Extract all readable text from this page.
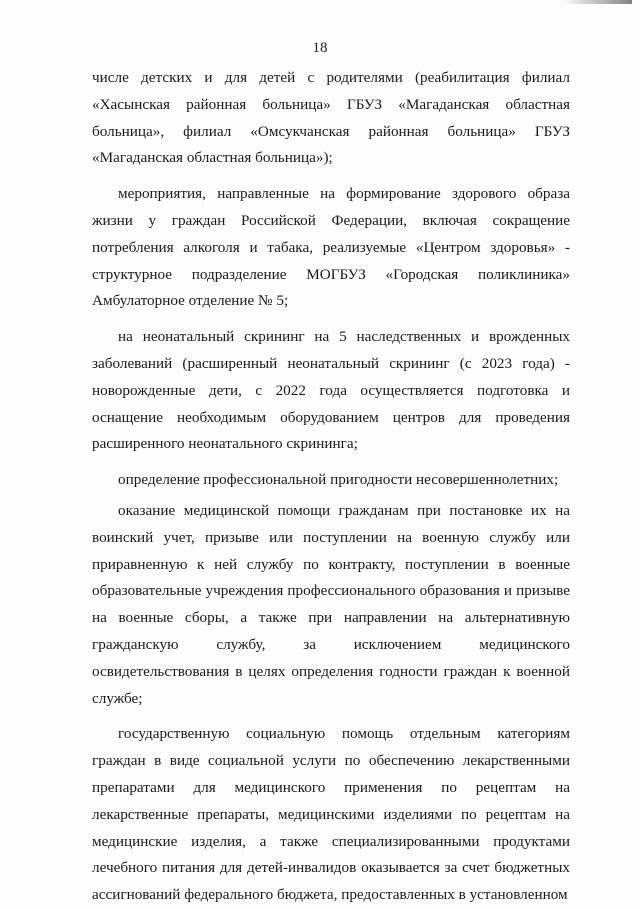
18

числе детских и для детей с родителями (реабилитация филиал «Хасынская районная больница» ГБУЗ «Магаданская областная больница», филиал «Омсукчанская районная больница» ГБУЗ «Магаданская областная больница»);

мероприятия, направленные на формирование здорового образа жизни у граждан Российской Федерации, включая сокращение потребления алкоголя и табака, реализуемые «Центром здоровья» - структурное подразделение МОГБУЗ «Городская поликлиника» Амбулаторное отделение № 5;

на неонатальный скрининг на 5 наследственных и врожденных заболеваний (расширенный неонатальный скрининг (с 2023 года) - новорожденные дети, с 2022 года осуществляется подготовка и оснащение необходимым оборудованием центров для проведения расширенного неонатального скрининга;

определение профессиональной пригодности несовершеннолетних;

оказание медицинской помощи гражданам при постановке их на воинский учет, призыве или поступлении на военную службу или приравненную к ней службу по контракту, поступлении в военные образовательные учреждения профессионального образования и призыве на военные сборы, а также при направлении на альтернативную гражданскую службу, за исключением медицинского освидетельствования в целях определения годности граждан к военной службе;

государственную социальную помощь отдельным категориям граждан в виде социальной услуги по обеспечению лекарственными препаратами для медицинского применения по рецептам на лекарственные препараты, медицинскими изделиями по рецептам на медицинские изделия, а также специализированными продуктами лечебного питания для детей-инвалидов оказывается за счет бюджетных ассигнований федерального бюджета, предоставленных в установленном
